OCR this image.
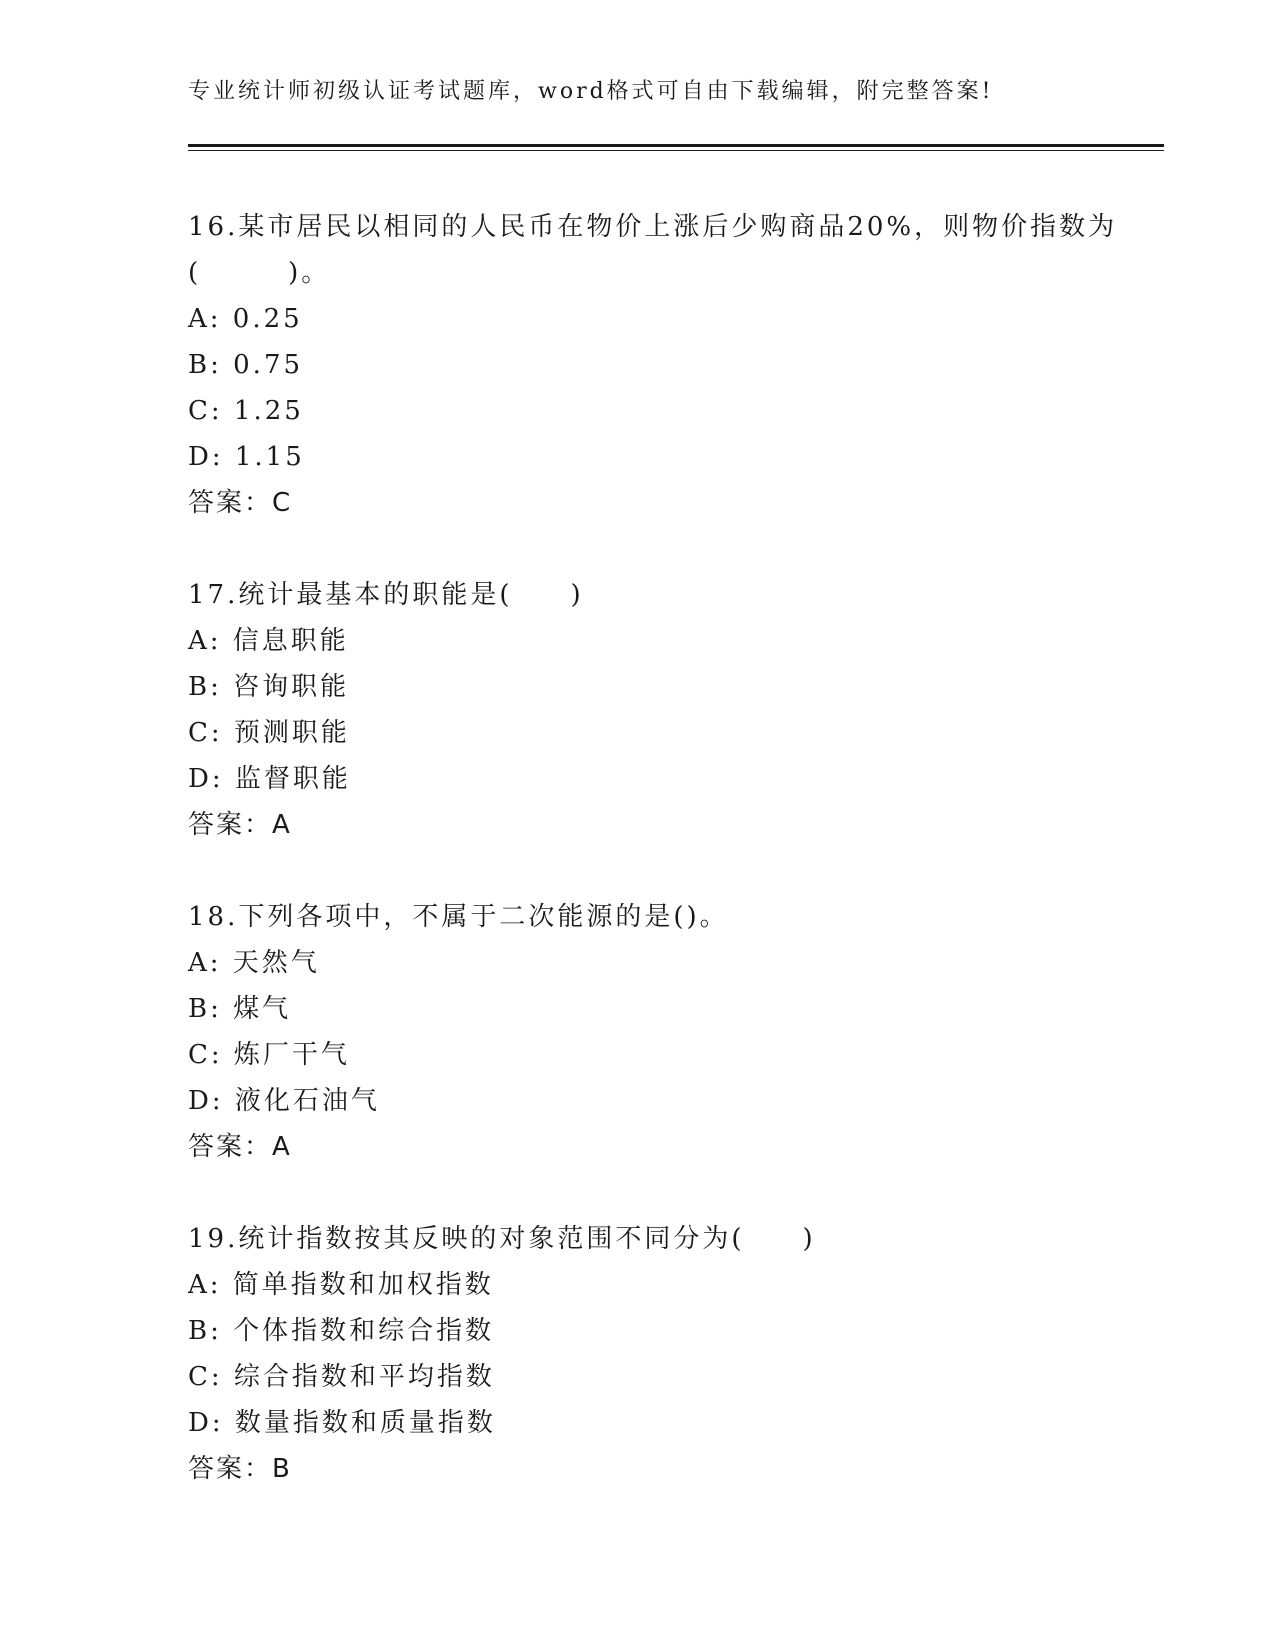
专业统计师初级认证考试题库，word格式可自由下载编辑，附完整答案!

16.某市居民以相同的人民币在物价上涨后少购商品20%，则物价指数为(　　　)。

A: 0.25

B: 0.75

C: 1.25

D: 1.15

答案：C

17.统计最基本的职能是(　　)

A: 信息职能

B: 咨询职能

C: 预测职能

D: 监督职能

答案：A

18.下列各项中，不属于二次能源的是()。

A: 天然气

B: 煤气

C: 炼厂干气

D: 液化石油气

答案：A

19.统计指数按其反映的对象范围不同分为(　　)

A: 简单指数和加权指数

B: 个体指数和综合指数

C: 综合指数和平均指数

D: 数量指数和质量指数

答案：B
